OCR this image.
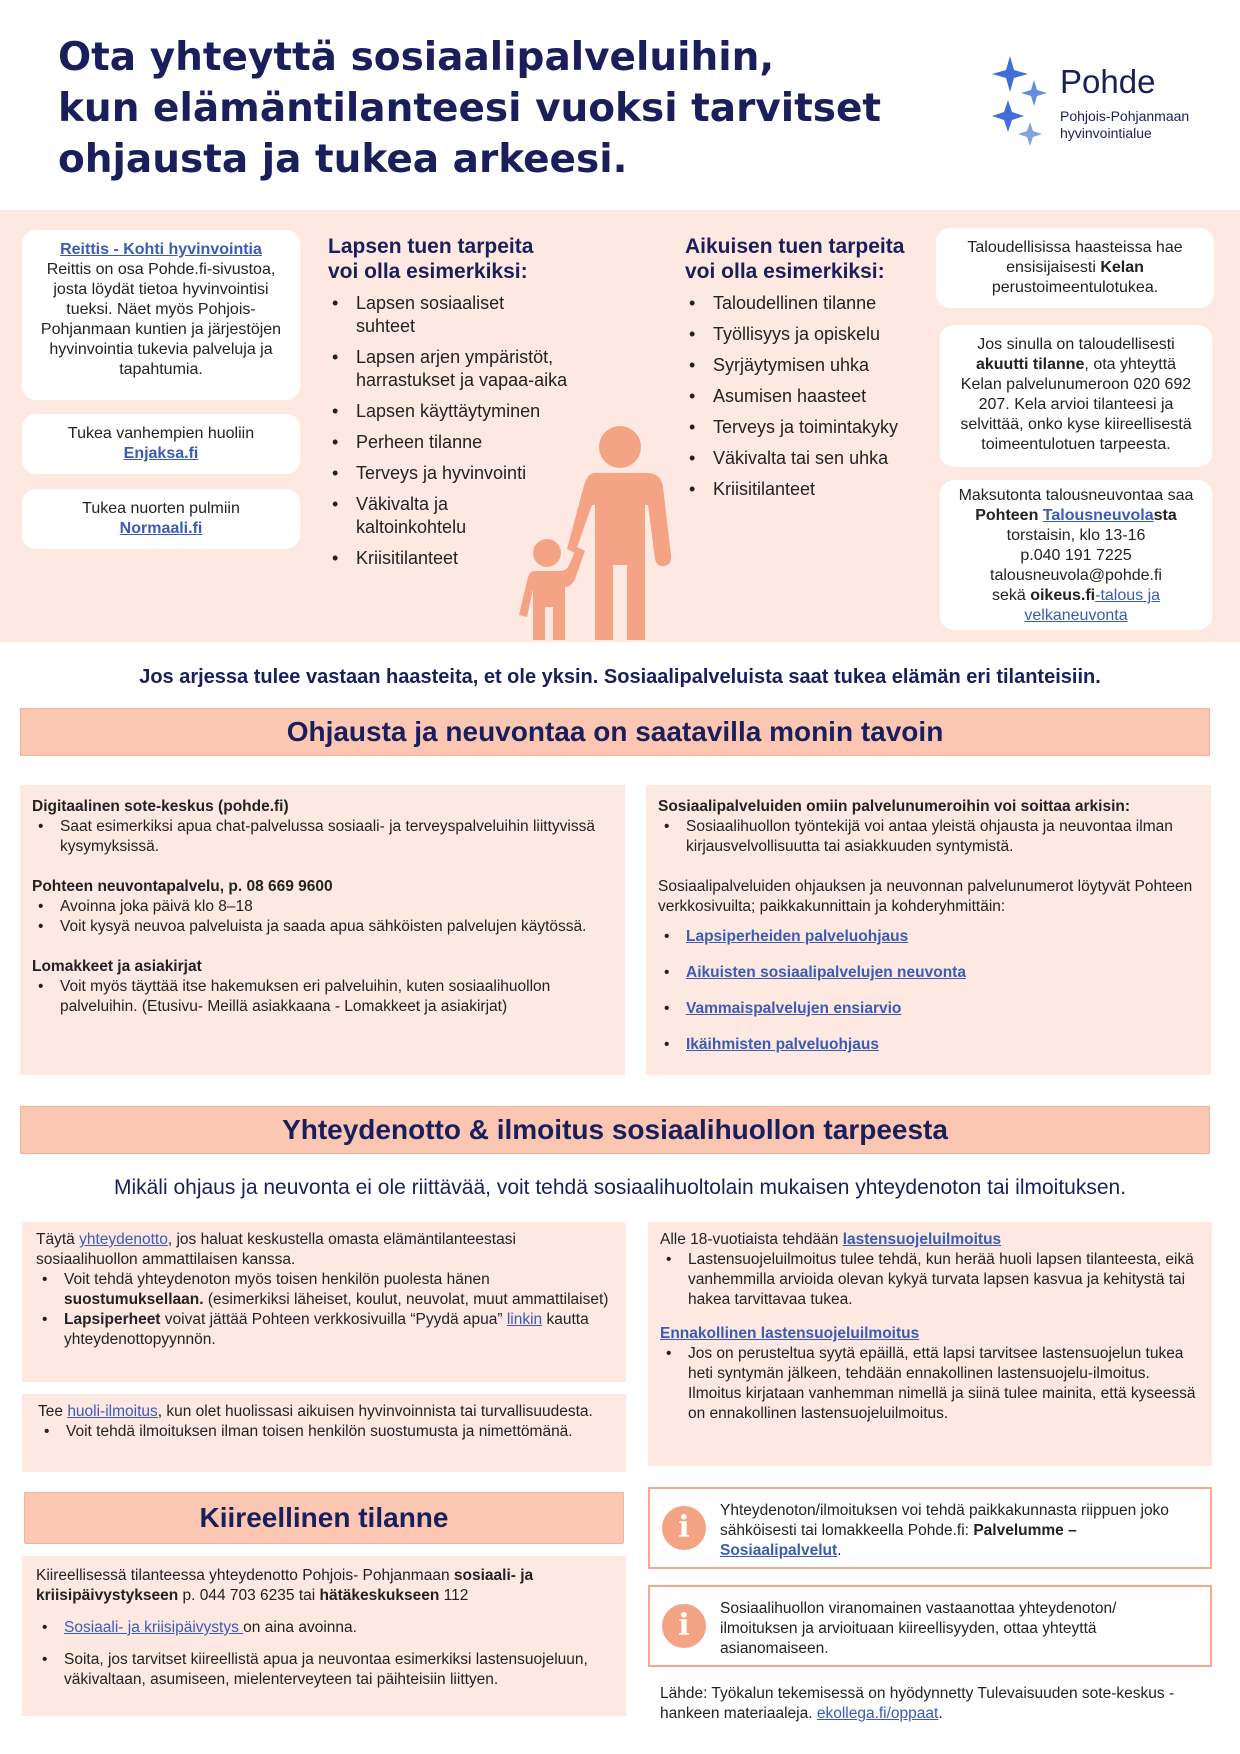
Ota yhteyttä sosiaalipalveluihin,
kun elämäntilanteesi vuoksi tarvitset
ohjausta ja tukea arkeesi.
Pohde
Pohjois-Pohjanmaan
hyvinvointialue
Reittis - Kohti hyvinvointia
Reittis on osa Pohde.fi-sivustoa, josta löydät tietoa hyvinvointisi tueksi. Näet myös Pohjois-Pohjanmaan kuntien ja järjestöjen hyvinvointia tukevia palveluja ja tapahtumia.
Tukea vanhempien huoliin
Enjaksa.fi
Tukea nuorten pulmiin
Normaali.fi
Lapsen tuen tarpeita
voi olla esimerkiksi:
• Lapsen sosiaaliset suhteet
• Lapsen arjen ympäristöt, harrastukset ja vapaa-aika
• Lapsen käyttäytyminen
• Perheen tilanne
• Terveys ja hyvinvointi
• Väkivalta ja kaltoinkohtelu
• Kriisitilanteet
Aikuisen tuen tarpeita
voi olla esimerkiksi:
• Taloudellinen tilanne
• Työllisyys ja opiskelu
• Syrjäytymisen uhka
• Asumisen haasteet
• Terveys ja toimintakyky
• Väkivalta tai sen uhka
• Kriisitilanteet
Taloudellisissa haasteissa hae ensisijaisesti Kelan perustoimeentulotukea.
Jos sinulla on taloudellisesti akuutti tilanne, ota yhteyttä Kelan palvelunumeroon 020 692 207. Kela arvioi tilanteesi ja selvittää, onko kyse kiireellisestä toimeentulotuen tarpeesta.
Maksutonta talousneuvontaa saa
Pohteen Talousneuvolasta
torstaisin, klo 13-16
p.040 191 7225
talousneuvola@pohde.fi
sekä oikeus.fi-talous ja velkaneuvonta
Jos arjessa tulee vastaan haasteita, et ole yksin. Sosiaalipalveluista saat tukea elämän eri tilanteisiin.
Ohjausta ja neuvontaa on saatavilla monin tavoin
Digitaalinen sote-keskus (pohde.fi)
• Saat esimerkiksi apua chat-palvelussa sosiaali- ja terveyspalveluihin liittyvissä kysymyksissä.
Pohteen neuvontapalvelu, p. 08 669 9600
• Avoinna joka päivä klo 8–18
• Voit kysyä neuvoa palveluista ja saada apua sähköisten palvelujen käytössä.
Lomakkeet ja asiakirjat
• Voit myös täyttää itse hakemuksen eri palveluihin, kuten sosiaalihuollon palveluihin. (Etusivu- Meillä asiakkaana - Lomakkeet ja asiakirjat)
Sosiaalipalveluiden omiin palvelunumeroihin voi soittaa arkisin:
• Sosiaalihuollon työntekijä voi antaa yleistä ohjausta ja neuvontaa ilman kirjausvelvollisuutta tai asiakkuuden syntymistä.
Sosiaalipalveluiden ohjauksen ja neuvonnan palvelunumerot löytyvät Pohteen verkkosivuilta; paikkakunnittain ja kohderyhmittäin:
• Lapsiperheiden palveluohjaus
• Aikuisten sosiaalipalvelujen neuvonta
• Vammaispalvelujen ensiarvio
• Ikäihmisten palveluohjaus
Yhteydenotto & ilmoitus sosiaalihuollon tarpeesta
Mikäli ohjaus ja neuvonta ei ole riittävää, voit tehdä sosiaalihuoltolain mukaisen yhteydenoton tai ilmoituksen.
Täytä yhteydenotto, jos haluat keskustella omasta elämäntilanteestasi sosiaalihuollon ammattilaisen kanssa.
• Voit tehdä yhteydenoton myös toisen henkilön puolesta hänen suostumuksellaan. (esimerkiksi läheiset, koulut, neuvolat, muut ammattilaiset)
• Lapsiperheet voivat jättää Pohteen verkkosivuilla “Pyydä apua” linkin kautta yhteydenottopyynnön.
Tee huoli-ilmoitus, kun olet huolissasi aikuisen hyvinvoinnista tai turvallisuudesta.
• Voit tehdä ilmoituksen ilman toisen henkilön suostumusta ja nimettömänä.
Alle 18-vuotiaista tehdään lastensuojeluilmoitus
• Lastensuojeluilmoitus tulee tehdä, kun herää huoli lapsen tilanteesta, eikä vanhemmilla arvioida olevan kykyä turvata lapsen kasvua ja kehitystä tai hakea tarvittavaa tukea.
Ennakollinen lastensuojeluilmoitus
• Jos on perusteltua syytä epäillä, että lapsi tarvitsee lastensuojelun tukea heti syntymän jälkeen, tehdään ennakollinen lastensuojelu-ilmoitus. Ilmoitus kirjataan vanhemman nimellä ja siinä tulee mainita, että kyseessä on ennakollinen lastensuojeluilmoitus.
Kiireellinen tilanne
Kiireellisessä tilanteessa yhteydenotto Pohjois- Pohjanmaan sosiaali- ja kriisipäivystykseen p. 044 703 6235 tai hätäkeskukseen 112
• Sosiaali- ja kriisipäivystys on aina avoinna.
• Soita, jos tarvitset kiireellistä apua ja neuvontaa esimerkiksi lastensuojeluun, väkivaltaan, asumiseen, mielenterveyteen tai päihteisiin liittyen.
i	Yhteydenoton/ilmoituksen voi tehdä paikkakunnasta riippuen joko sähköisesti tai lomakkeella Pohde.fi: Palvelumme – Sosiaalipalvelut.
i	Sosiaalihuollon viranomainen vastaanottaa yhteydenoton/ ilmoituksen ja arvioituaan kiireellisyyden, ottaa yhteyttä asianomaiseen.
Lähde: Työkalun tekemisessä on hyödynnetty Tulevaisuuden sote-keskus -hankeen materiaaleja. ekollega.fi/oppaat.
